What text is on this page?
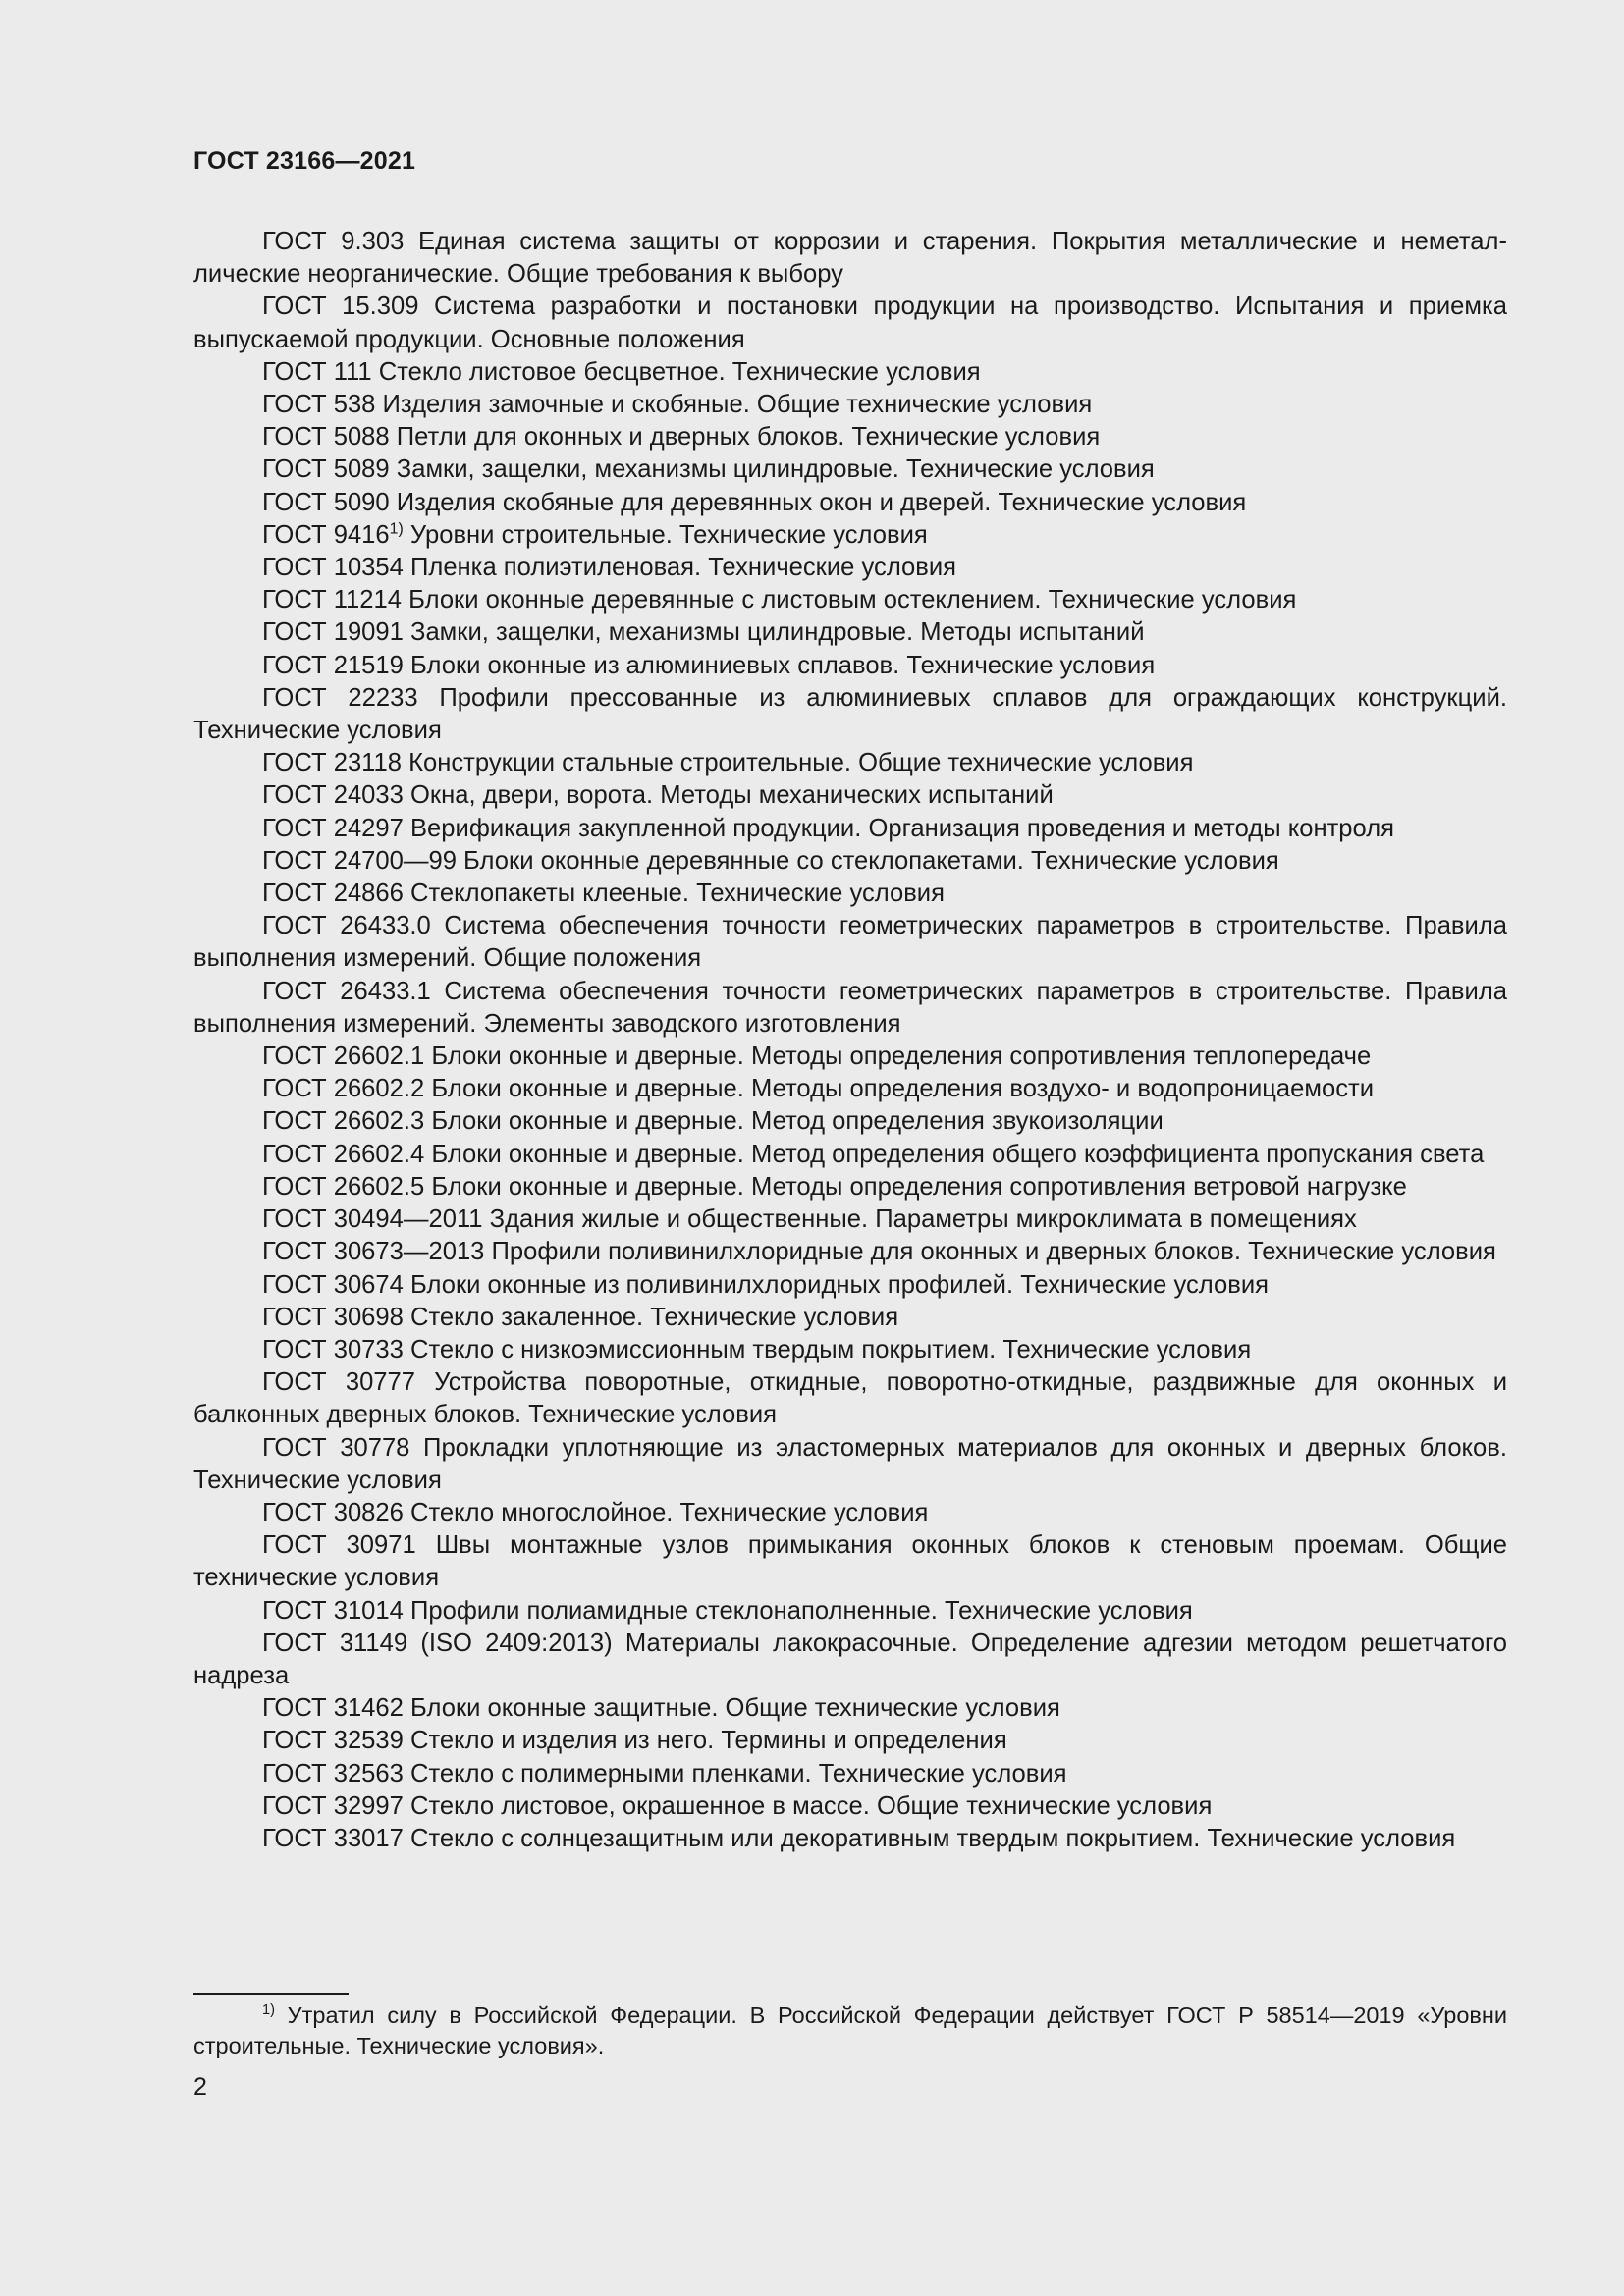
ГОСТ 23166—2021

ГОСТ 9.303 Единая система защиты от коррозии и старения. Покрытия металлические и неметаллические неорганические. Общие требования к выбору

ГОСТ 15.309 Система разработки и постановки продукции на производство. Испытания и приемка выпускаемой продукции. Основные положения

ГОСТ 111 Стекло листовое бесцветное. Технические условия

ГОСТ 538 Изделия замочные и скобяные. Общие технические условия

ГОСТ 5088 Петли для оконных и дверных блоков. Технические условия

ГОСТ 5089 Замки, защелки, механизмы цилиндровые. Технические условия

ГОСТ 5090 Изделия скобяные для деревянных окон и дверей. Технические условия

ГОСТ 9416$^{1)}$ Уровни строительные. Технические условия

ГОСТ 10354 Пленка полиэтиленовая. Технические условия

ГОСТ 11214 Блоки оконные деревянные с листовым остеклением. Технические условия

ГОСТ 19091 Замки, защелки, механизмы цилиндровые. Методы испытаний

ГОСТ 21519 Блоки оконные из алюминиевых сплавов. Технические условия

ГОСТ 22233 Профили прессованные из алюминиевых сплавов для ограждающих конструкций. Технические условия

ГОСТ 23118 Конструкции стальные строительные. Общие технические условия

ГОСТ 24033 Окна, двери, ворота. Методы механических испытаний

ГОСТ 24297 Верификация закупленной продукции. Организация проведения и методы контроля

ГОСТ 24700—99 Блоки оконные деревянные со стеклопакетами. Технические условия

ГОСТ 24866 Стеклопакеты клееные. Технические условия

ГОСТ 26433.0 Система обеспечения точности геометрических параметров в строительстве. Правила выполнения измерений. Общие положения

ГОСТ 26433.1 Система обеспечения точности геометрических параметров в строительстве. Правила выполнения измерений. Элементы заводского изготовления

ГОСТ 26602.1 Блоки оконные и дверные. Методы определения сопротивления теплопередаче

ГОСТ 26602.2 Блоки оконные и дверные. Методы определения воздухо- и водопроницаемости

ГОСТ 26602.3 Блоки оконные и дверные. Метод определения звукоизоляции

ГОСТ 26602.4 Блоки оконные и дверные. Метод определения общего коэффициента пропускания света

ГОСТ 26602.5 Блоки оконные и дверные. Методы определения сопротивления ветровой нагрузке

ГОСТ 30494—2011 Здания жилые и общественные. Параметры микроклимата в помещениях

ГОСТ 30673—2013 Профили поливинилхлоридные для оконных и дверных блоков. Технические условия

ГОСТ 30674 Блоки оконные из поливинилхлоридных профилей. Технические условия

ГОСТ 30698 Стекло закаленное. Технические условия

ГОСТ 30733 Стекло с низкоэмиссионным твердым покрытием. Технические условия

ГОСТ 30777 Устройства поворотные, откидные, поворотно-откидные, раздвижные для оконных и балконных дверных блоков. Технические условия

ГОСТ 30778 Прокладки уплотняющие из эластомерных материалов для оконных и дверных блоков. Технические условия

ГОСТ 30826 Стекло многослойное. Технические условия

ГОСТ 30971 Швы монтажные узлов примыкания оконных блоков к стеновым проемам. Общие технические условия

ГОСТ 31014 Профили полиамидные стеклонаполненные. Технические условия

ГОСТ 31149 (ISO 2409:2013) Материалы лакокрасочные. Определение адгезии методом решетчатого надреза

ГОСТ 31462 Блоки оконные защитные. Общие технические условия

ГОСТ 32539 Стекло и изделия из него. Термины и определения

ГОСТ 32563 Стекло с полимерными пленками. Технические условия

ГОСТ 32997 Стекло листовое, окрашенное в массе. Общие технические условия

ГОСТ 33017 Стекло с солнцезащитным или декоративным твердым покрытием. Технические условия

$^{1)}$ Утратил силу в Российской Федерации. В Российской Федерации действует ГОСТ Р 58514—2019 «Уровни строительные. Технические условия».
2
